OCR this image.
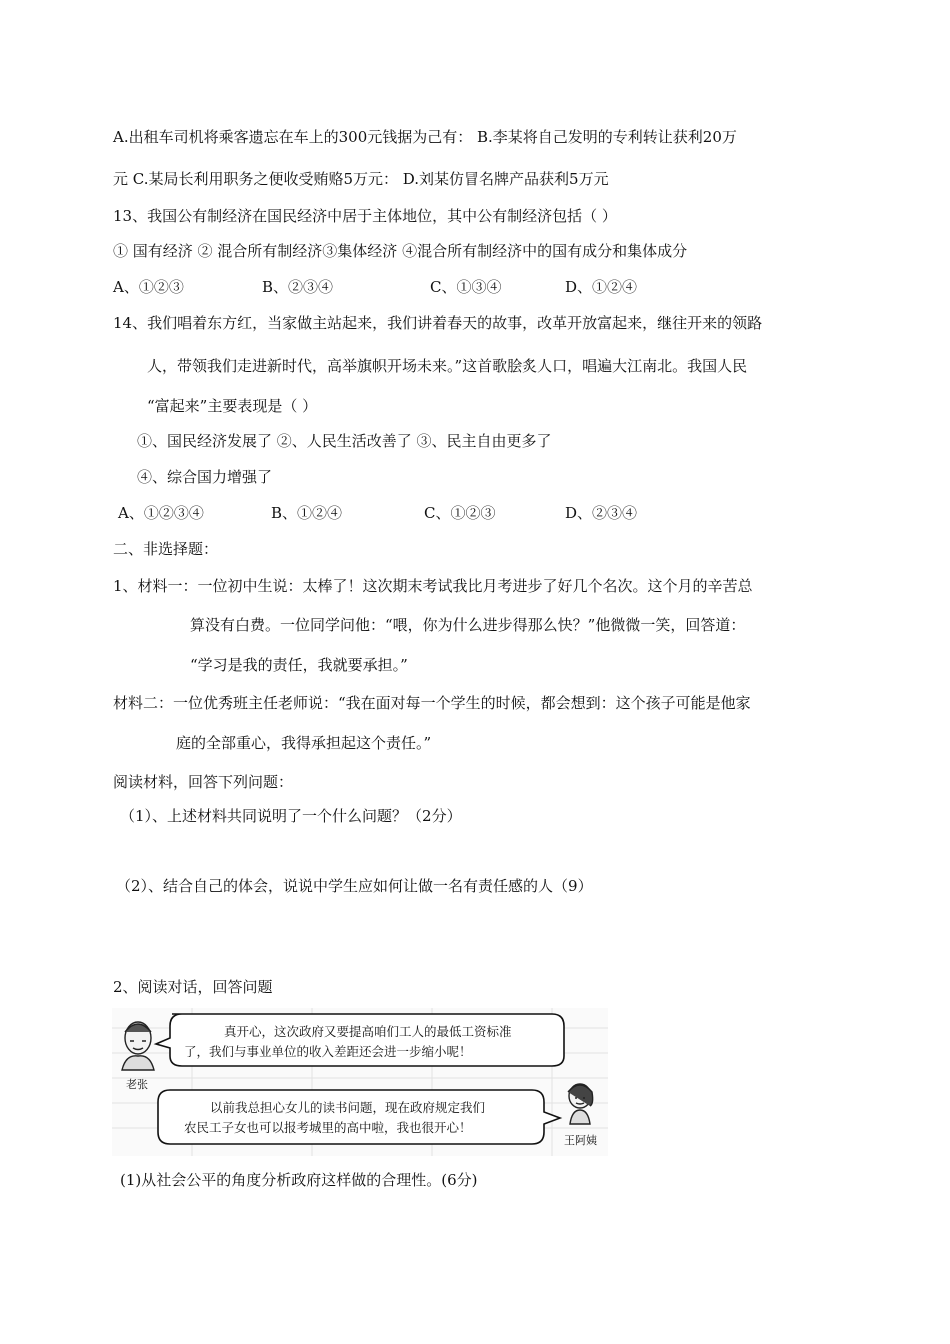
A.出租车司机将乘客遗忘在车上的300元钱据为己有： B.李某将自己发明的专利转让获利20万
元 C.某局长利用职务之便收受贿赂5万元： D.刘某仿冒名牌产品获利5万元
13、我国公有制经济在国民经济中居于主体地位，其中公有制经济包括（ ）
① 国有经济 ② 混合所有制经济③集体经济 ④混合所有制经济中的国有成分和集体成分
A、①②③	B、②③④	C、①③④	D、①②④
14、我们唱着东方红，当家做主站起来，我们讲着春天的故事，改革开放富起来，继往开来的领路
人，带领我们走进新时代，高举旗帜开场未来。”这首歌脍炙人口，唱遍大江南北。我国人民
“富起来”主要表现是（ ）
①、国民经济发展了 ②、人民生活改善了 ③、民主自由更多了
④、综合国力增强了
A、①②③④	B、①②④	C、①②③	D、②③④
二、非选择题：
1、材料一：一位初中生说：太棒了！这次期末考试我比月考进步了好几个名次。这个月的辛苦总
算没有白费。一位同学问他：“喂，你为什么进步得那么快？”他微微一笑，回答道：
“学习是我的责任，我就要承担。”
材料二：一位优秀班主任老师说：“我在面对每一个学生的时候，都会想到：这个孩子可能是他家
庭的全部重心，我得承担起这个责任。”
阅读材料，回答下列问题：
（1）、上述材料共同说明了一个什么问题？（2分）
（2）、结合自己的体会，说说中学生应如何让做一名有责任感的人（9）
2、阅读对话，回答问题
老张
真开心，这次政府又要提高咱们工人的最低工资标准
了，我们与事业单位的收入差距还会进一步缩小呢！
以前我总担心女儿的读书问题，现在政府规定我们
农民工子女也可以报考城里的高中啦，我也很开心！
王阿姨
(1)从社会公平的角度分析政府这样做的合理性。(6分)
